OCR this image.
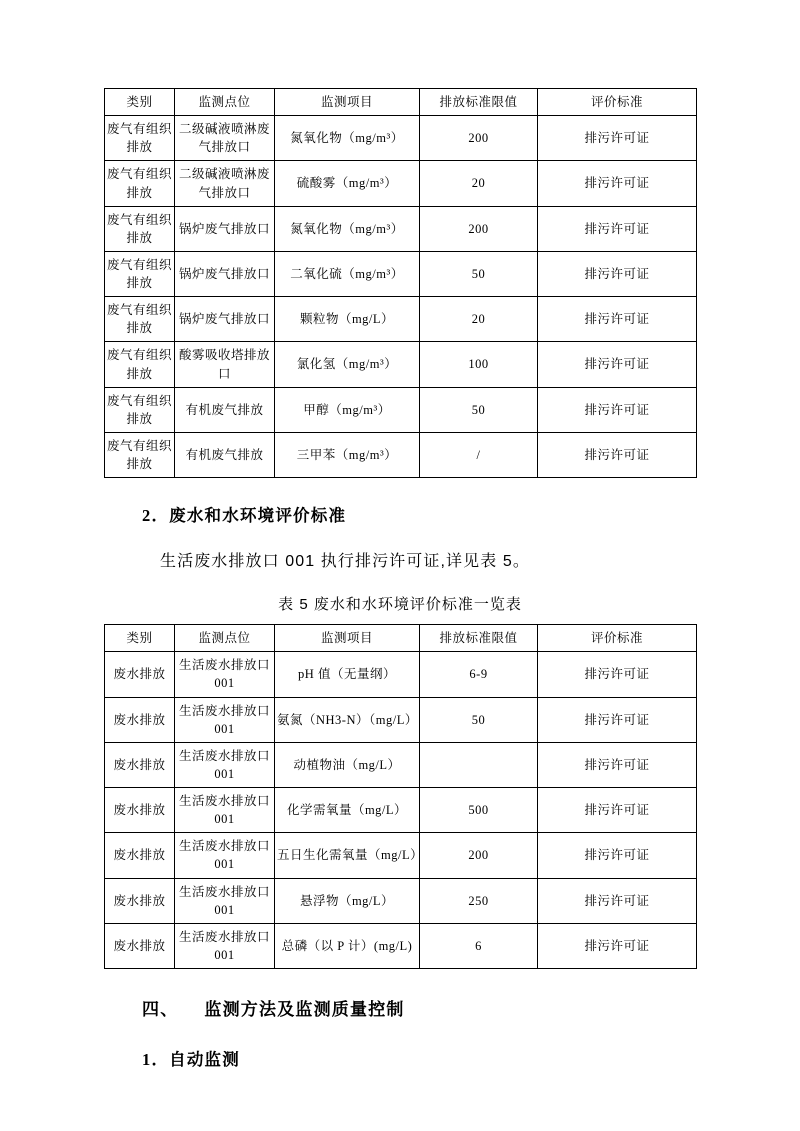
类别	监测点位	监测项目	排放标准限值	评价标准
废气有组织排放	二级碱液喷淋废气排放口	氮氧化物（mg/m³）	200	排污许可证
废气有组织排放	二级碱液喷淋废气排放口	硫酸雾（mg/m³）	20	排污许可证
废气有组织排放	锅炉废气排放口	氮氧化物（mg/m³）	200	排污许可证
废气有组织排放	锅炉废气排放口	二氧化硫（mg/m³）	50	排污许可证
废气有组织排放	锅炉废气排放口	颗粒物（mg/L）	20	排污许可证
废气有组织排放	酸雾吸收塔排放口	氯化氢（mg/m³）	100	排污许可证
废气有组织排放	有机废气排放	甲醇（mg/m³）	50	排污许可证
废气有组织排放	有机废气排放	三甲苯（mg/m³）	/	排污许可证
2．废水和水环境评价标准
生活废水排放口 001 执行排污许可证,详见表 5。
表 5 废水和水环境评价标准一览表
类别	监测点位	监测项目	排放标准限值	评价标准
废水排放	生活废水排放口 001	pH 值（无量纲）	6-9	排污许可证
废水排放	生活废水排放口 001	氨氮（NH3-N）（mg/L）	50	排污许可证
废水排放	生活废水排放口 001	动植物油（mg/L）		排污许可证
废水排放	生活废水排放口 001	化学需氧量（mg/L）	500	排污许可证
废水排放	生活废水排放口 001	五日生化需氧量（mg/L）	200	排污许可证
废水排放	生活废水排放口 001	悬浮物（mg/L）	250	排污许可证
废水排放	生活废水排放口 001	总磷（以 P 计）(mg/L)	6	排污许可证
四、 监测方法及监测质量控制
1．自动监测
